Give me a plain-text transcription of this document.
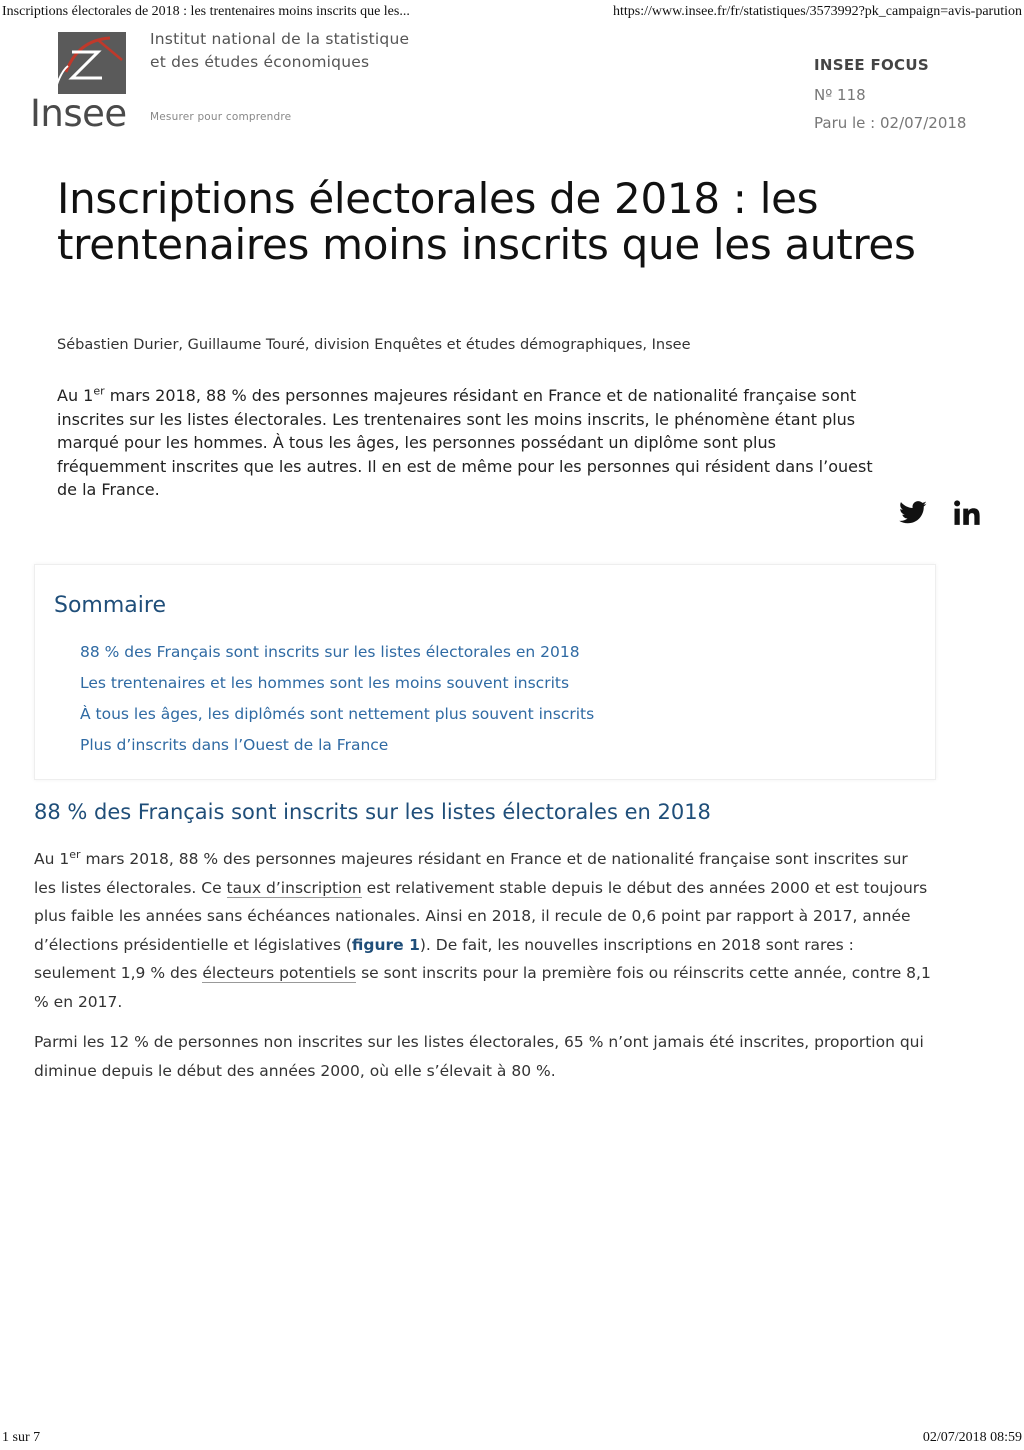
Inscriptions électorales de 2018 : les trentenaires moins inscrits que les...	https://www.insee.fr/fr/statistiques/3573992?pk_campaign=avis-parution
Insee
Institut national de la statistique
et des études économiques
Mesurer pour comprendre
INSEE FOCUS
Nº 118
Paru le : 02/07/2018
Inscriptions électorales de 2018 : les trentenaires moins inscrits que les autres
Sébastien Durier, Guillaume Touré, division Enquêtes et études démographiques, Insee

Au 1er mars 2018, 88 % des personnes majeures résidant en France et de nationalité française sont inscrites sur les listes électorales. Les trentenaires sont les moins inscrits, le phénomène étant plus marqué pour les hommes. À tous les âges, les personnes possédant un diplôme sont plus fréquemment inscrites que les autres. Il en est de même pour les personnes qui résident dans l’ouest de la France.

Sommaire
88 % des Français sont inscrits sur les listes électorales en 2018
Les trentenaires et les hommes sont les moins souvent inscrits
À tous les âges, les diplômés sont nettement plus souvent inscrits
Plus d’inscrits dans l’Ouest de la France
88 % des Français sont inscrits sur les listes électorales en 2018

Au 1er mars 2018, 88 % des personnes majeures résidant en France et de nationalité française sont inscrites sur les listes électorales. Ce taux d’inscription est relativement stable depuis le début des années 2000 et est toujours plus faible les années sans échéances nationales. Ainsi en 2018, il recule de 0,6 point par rapport à 2017, année d’élections présidentielle et législatives (figure 1). De fait, les nouvelles inscriptions en 2018 sont rares : seulement 1,9 % des électeurs potentiels se sont inscrits pour la première fois ou réinscrits cette année, contre 8,1 % en 2017.

Parmi les 12 % de personnes non inscrites sur les listes électorales, 65 % n’ont jamais été inscrites, proportion qui diminue depuis le début des années 2000, où elle s’élevait à 80 %.

1 sur 7	02/07/2018 08:59
